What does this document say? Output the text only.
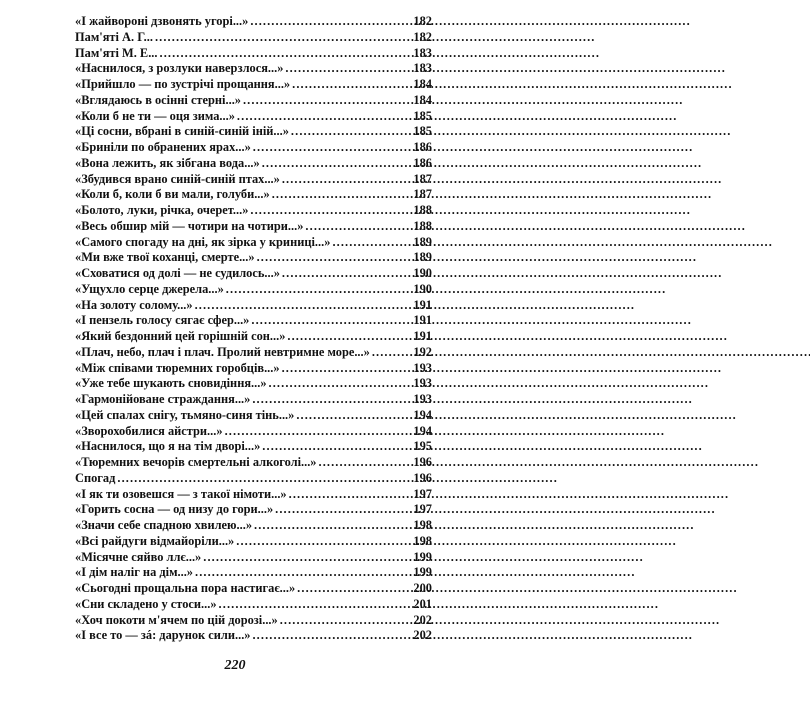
«І жайвороні дзвонять угорі...» . . .	182
Пам'яті А. Г... . . .	182
Пам'яті М. Е... . . .	183
«Наснилося, з розлуки наверзлося...» . . .	183
«Прийшло — по зустрічі прощання...» . . .	184
«Вглядаюсь в осінні стерні...» . . .	184
«Коли б не ти — оця зима...» . . .	185
«Ці сосни, вбрані в синій-синій іній...» . . .	185
«Бриніли по обранених ярах...» . . .	186
«Вона лежить, як зібгана вода...» . . .	186
«Збудився врано синій-синій птах...» . . .	187
«Коли б, коли б ви мали, голуби...» . . .	187
«Болото, луки, річка, очерет...» . . .	188
«Весь обшир мій — чотири на чотири...» . . .	188
«Самого спогаду на дні, як зірка у криниці...» . . .	189
«Ми вже твої коханці, смерте...» . . .	189
«Сховатися од долі — не судилось...» . . .	190
«Ущухло серце джерела...» . . .	190
«На золоту солому...» . . .	191
«І пензель голосу сягає сфер...» . . .	191
«Який бездонний цей горішній сон...» . . .	191
«Плач, небо, плач і плач. Пролий невтримне море...» . . .	192
«Між співами тюремних горобців...» . . .	193
«Уже тебе шукають сновидіння...» . . .	193
«Гармонійоване страждання...» . . .	193
«Цей спалах снігу, тьмяно-синя тінь...» . . .	194
«Зворохобилися айстри...» . . .	194
«Наснилося, що я на тім дворі...» . . .	195
«Тюремних вечорів смертельні алкоголі...» . . .	196
Спогад . . .	196
«І як ти озовешся — з такої німоти...» . . .	197
«Горить сосна — од низу до гори...» . . .	197
«Значи себе спадною хвилею...» . . .	198
«Всі райдуги відмайоріли...» . . .	198
«Місячне сяйво ллє...» . . .	199
«І дім наліг на дім...» . . .	199
«Сьогодні прощальна пора настигає...» . . .	200
«Сни складено у стоси...» . . .	201
«Хоч покоти м'ячем по цій дорозі...» . . .	202
«І все то — зá: дарунок сили...» . . .	202
220
